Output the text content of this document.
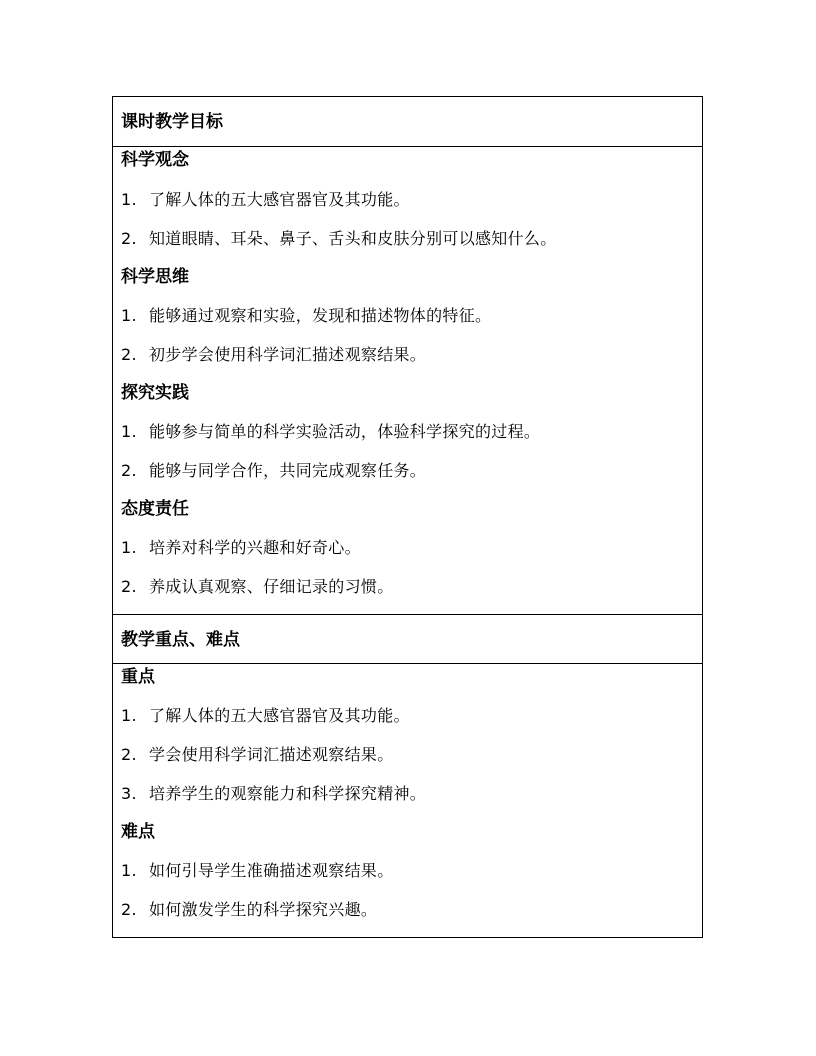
课时教学目标
科学观念
1. 了解人体的五大感官器官及其功能。
2. 知道眼睛、耳朵、鼻子、舌头和皮肤分别可以感知什么。
科学思维
1. 能够通过观察和实验，发现和描述物体的特征。
2. 初步学会使用科学词汇描述观察结果。
探究实践
1. 能够参与简单的科学实验活动，体验科学探究的过程。
2. 能够与同学合作，共同完成观察任务。
态度责任
1. 培养对科学的兴趣和好奇心。
2. 养成认真观察、仔细记录的习惯。
教学重点、难点
重点
1. 了解人体的五大感官器官及其功能。
2. 学会使用科学词汇描述观察结果。
3. 培养学生的观察能力和科学探究精神。
难点
1. 如何引导学生准确描述观察结果。
2. 如何激发学生的科学探究兴趣。
